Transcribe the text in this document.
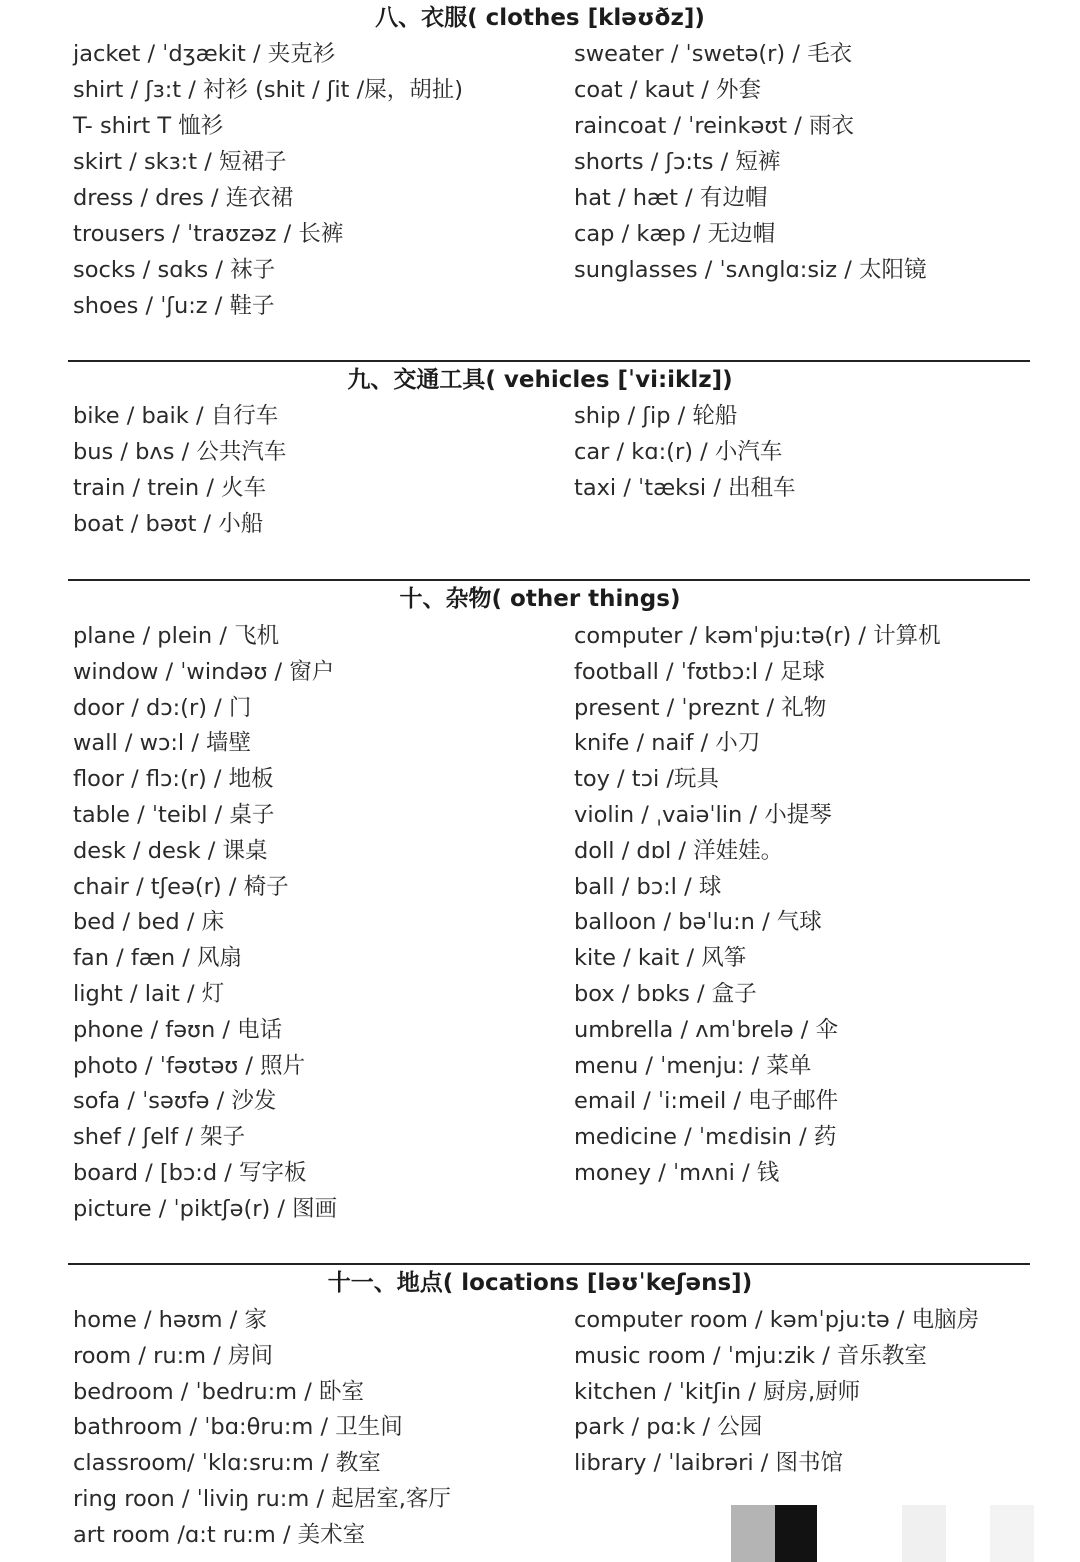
八、衣服( clothes [kləʊðz])
jacket / ˈdʒækit / 夹克衫
shirt / ʃɜ:t / 衬衫 (shit / ʃit /屎，胡扯)
T- shirt T 恤衫
skirt / skɜ:t / 短裙子
dress / dres / 连衣裙
trousers / ˈtraʊzəz / 长裤
socks / sɑks / 袜子
shoes / ˈʃu:z / 鞋子
sweater / ˈswetə(r) / 毛衣
coat / kaut / 外套
raincoat / ˈreinkəʊt / 雨衣
shorts / ʃɔ:ts / 短裤
hat / hæt / 有边帽
cap / kæp / 无边帽
sunglasses / ˈsʌnglɑ:siz / 太阳镜
九、交通工具( vehicles [ˈvi:iklz])
bike / baik / 自行车
bus / bʌs / 公共汽车
train / trein / 火车
boat / bəʊt / 小船
ship / ʃip / 轮船
car / kɑ:(r) / 小汽车
taxi / ˈtæksi / 出租车
十、杂物( other things)
plane / plein / 飞机
window / ˈwindəʊ / 窗户
door / dɔ:(r) / 门
wall / wɔ:l / 墙壁
floor / flɔ:(r) / 地板
table / ˈteibl / 桌子
desk / desk / 课桌
chair / tʃeə(r) / 椅子
bed / bed / 床
fan / fæn / 风扇
light / lait / 灯
phone / fəʊn / 电话
photo / ˈfəʊtəʊ / 照片
sofa / ˈsəʊfə / 沙发
shef / ʃelf / 架子
board / [bɔ:d / 写字板
picture / ˈpiktʃə(r) / 图画
computer / kəmˈpju:tə(r) / 计算机
football / ˈfʊtbɔ:l / 足球
present / ˈpreznt / 礼物
knife / naif / 小刀
toy / tɔi /玩具
violin / ˌvaiəˈlin / 小提琴
doll / dɒl / 洋娃娃。
ball / bɔ:l / 球
balloon / bəˈlu:n / 气球
kite / kait / 风筝
box / bɒks / 盒子
umbrella / ʌmˈbrelə / 伞
menu / ˈmenju: / 菜单
email / ˈi:meil / 电子邮件
medicine / ˈmɛdisin / 药
money / ˈmʌni / 钱
十一、地点( locations [ləʊˈkeʃəns])
home / həʊm / 家
room / ru:m / 房间
bedroom / ˈbedru:m / 卧室
bathroom / ˈbɑ:θru:m / 卫生间
classroom/ ˈklɑ:sru:m / 教室
ring roon / ˈliviŋ ru:m / 起居室,客厅
art room /ɑ:t ru:m / 美术室
computer room / kəmˈpju:tə / 电脑房
music room / ˈmju:zik / 音乐教室
kitchen / ˈkitʃin / 厨房,厨师
park / pɑ:k / 公园
library / ˈlaibrəri / 图书馆
